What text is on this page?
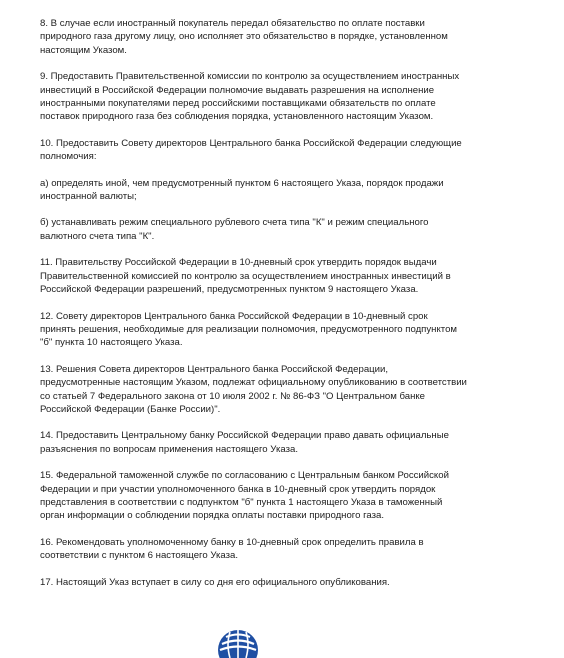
8. В случае если иностранный покупатель передал обязательство по оплате поставки
природного газа другому лицу, оно исполняет это обязательство в порядке, установленном
настоящим Указом.

9. Предоставить Правительственной комиссии по контролю за осуществлением иностранных
инвестиций в Российской Федерации полномочие выдавать разрешения на исполнение
иностранными покупателями перед российскими поставщиками обязательств по оплате
поставок природного газа без соблюдения порядка, установленного настоящим Указом.

10. Предоставить Совету директоров Центрального банка Российской Федерации следующие
полномочия:

а) определять иной, чем предусмотренный пунктом 6 настоящего Указа, порядок продажи
иностранной валюты;

б) устанавливать режим специального рублевого счета типа "К" и режим специального
валютного счета типа "К".

11. Правительству Российской Федерации в 10-дневный срок утвердить порядок выдачи
Правительственной комиссией по контролю за осуществлением иностранных инвестиций в
Российской Федерации разрешений, предусмотренных пунктом 9 настоящего Указа.

12. Совету директоров Центрального банка Российской Федерации в 10-дневный срок
принять решения, необходимые для реализации полномочия, предусмотренного подпунктом
"б" пункта 10 настоящего Указа.

13. Решения Совета директоров Центрального банка Российской Федерации,
предусмотренные настоящим Указом, подлежат официальному опубликованию в соответствии
со статьей 7 Федерального закона от 10 июля 2002 г. № 86-ФЗ "О Центральном банке
Российской Федерации (Банке России)".

14. Предоставить Центральному банку Российской Федерации право давать официальные
разъяснения по вопросам применения настоящего Указа.

15. Федеральной таможенной службе по согласованию с Центральным банком Российской
Федерации и при участии уполномоченного банка в 10-дневный срок утвердить порядок
представления в соответствии с подпунктом "б" пункта 1 настоящего Указа в таможенный
орган информации о соблюдении порядка оплаты поставки природного газа.

16. Рекомендовать уполномоченному банку в 10-дневный срок определить правила в
соответствии с пунктом 6 настоящего Указа.

17. Настоящий Указ вступает в силу со дня его официального опубликования.
